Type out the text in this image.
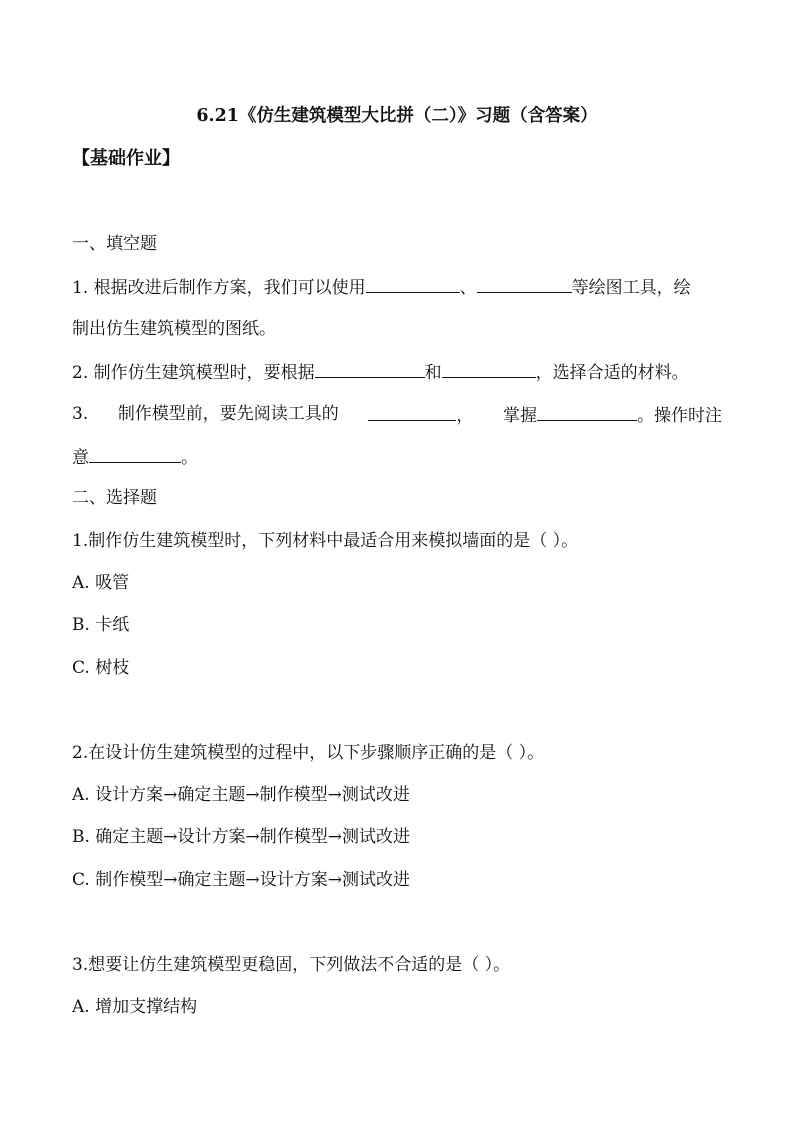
6.21《仿生建筑模型大比拼（二）》习题（含答案）
【基础作业】
一、填空题
1. 根据改进后制作方案，我们可以使用	、	等绘图工具，绘
制出仿生建筑模型的图纸。
2. 制作仿生建筑模型时，要根据	和	，选择合适的材料。
3. 制作模型前，要先阅读工具的	， 掌握	。操作时注
意	。
二、选择题
1.制作仿生建筑模型时，下列材料中最适合用来模拟墙面的是（ ）。
A. 吸管
B. 卡纸
C. 树枝
2.在设计仿生建筑模型的过程中，以下步骤顺序正确的是（ ）。
A. 设计方案→确定主题→制作模型→测试改进
B. 确定主题→设计方案→制作模型→测试改进
C. 制作模型→确定主题→设计方案→测试改进
3.想要让仿生建筑模型更稳固，下列做法不合适的是（ ）。
A. 增加支撑结构
